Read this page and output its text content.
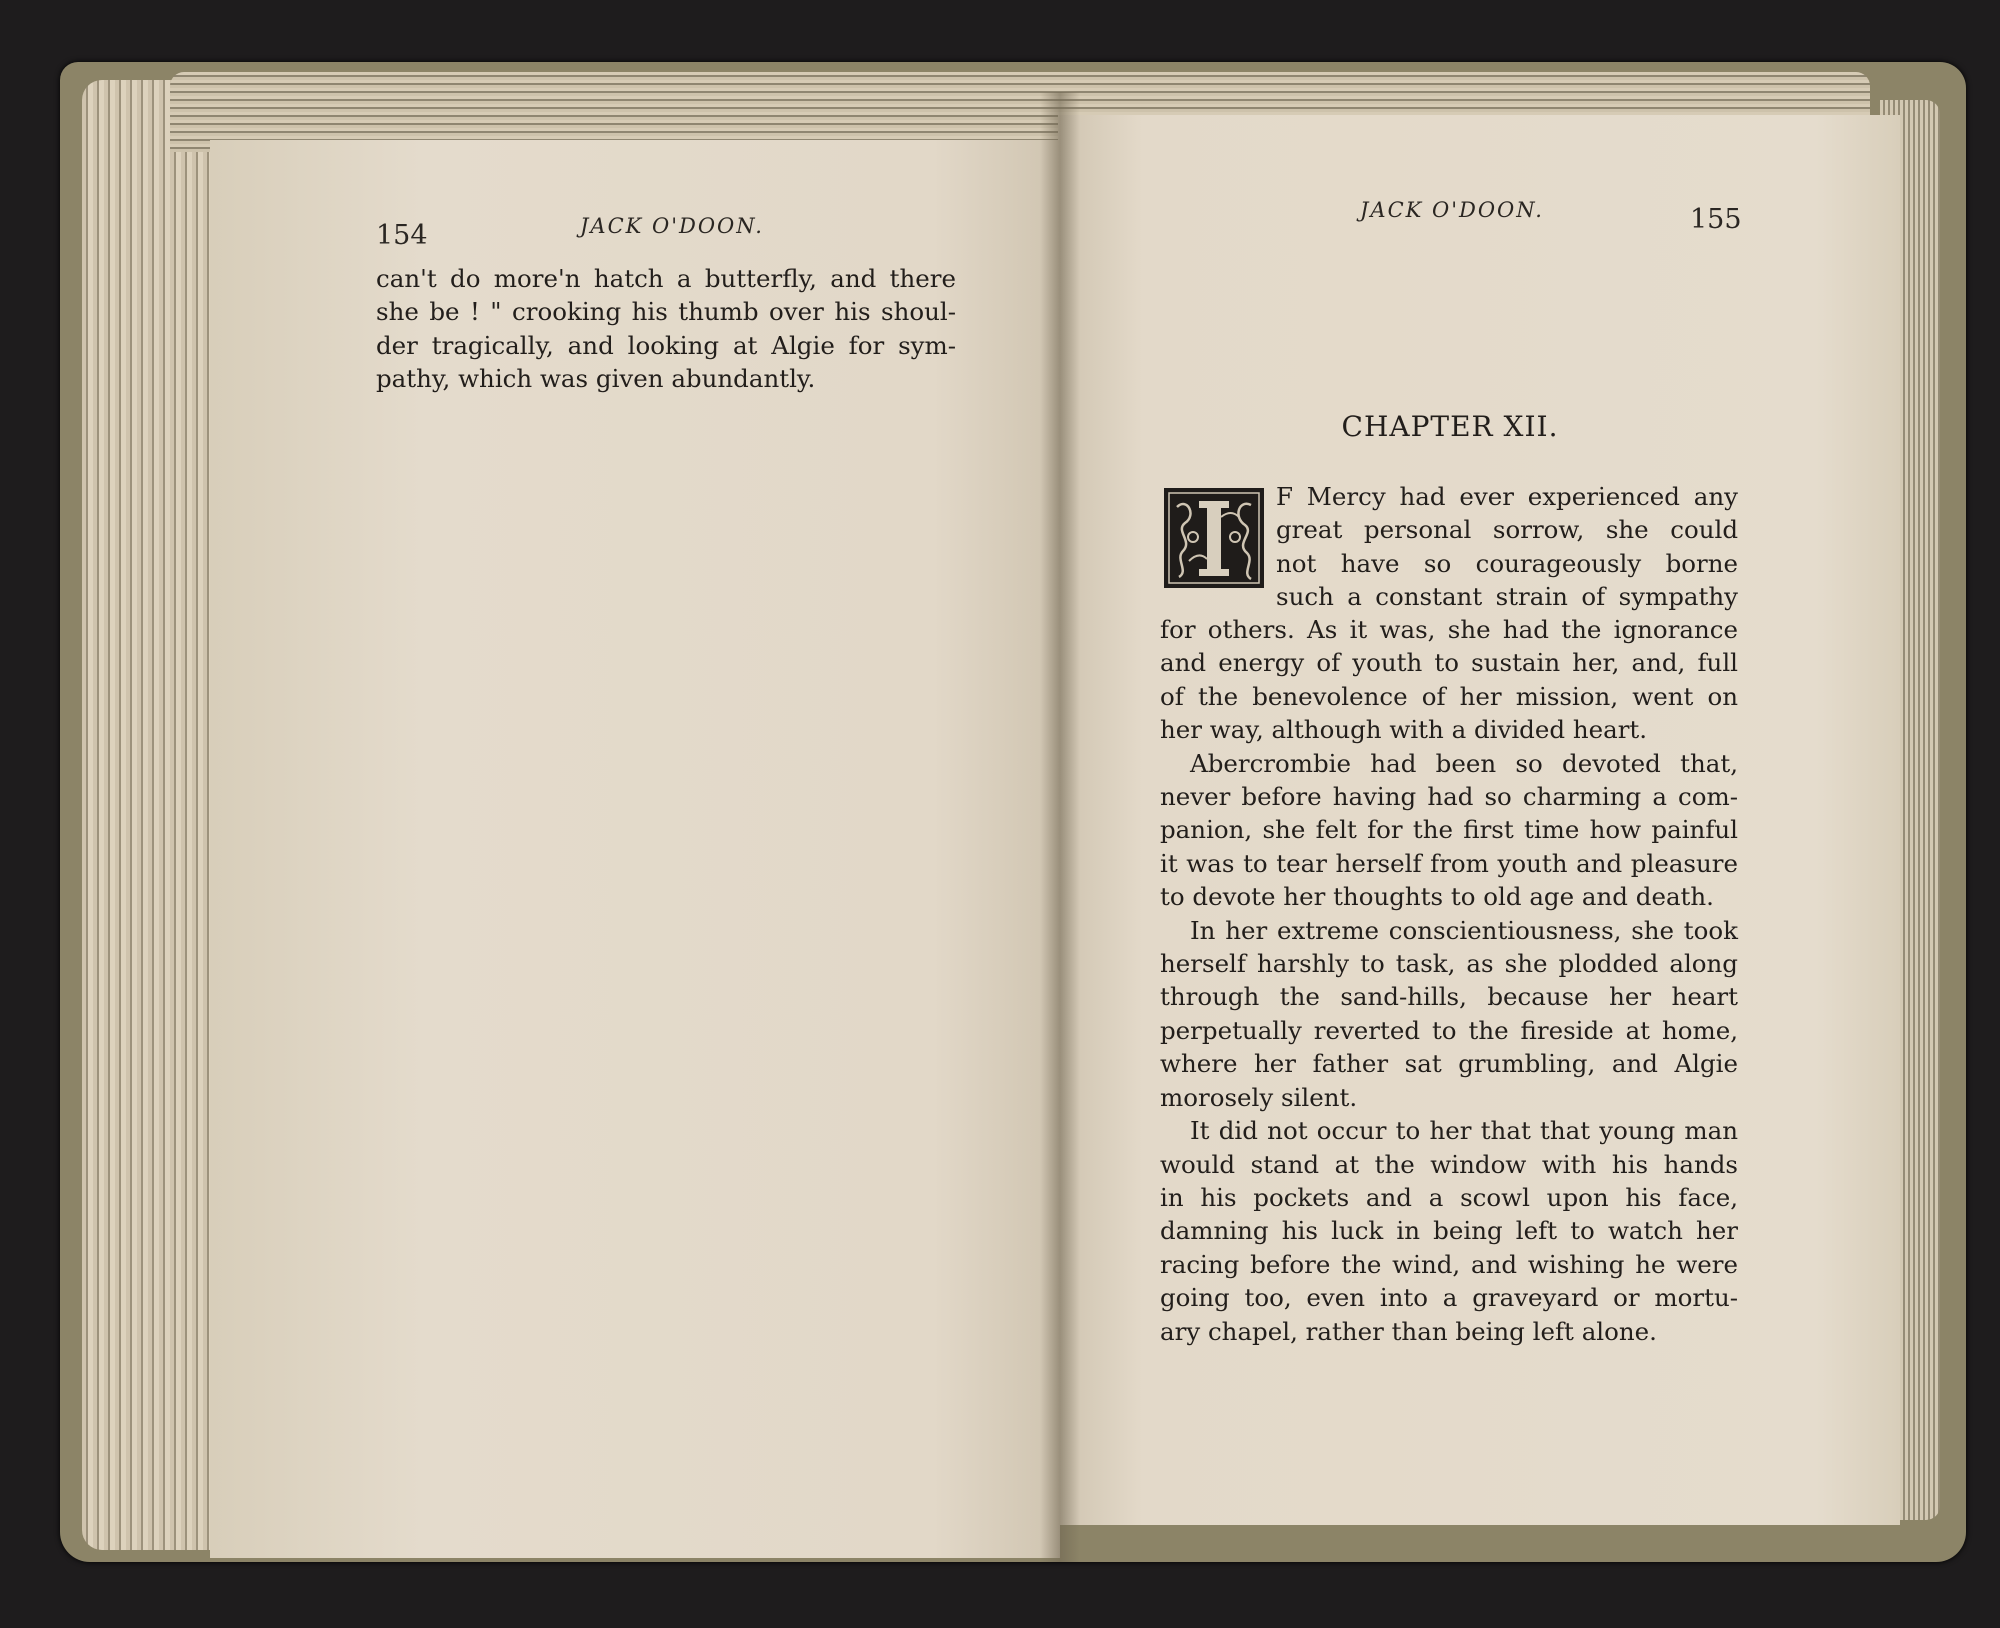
154	JACK O'DOON.
can't do more'n hatch a butterfly, and there
she be ! " crooking his thumb over his shoul-
der tragically, and looking at Algie for sym-
pathy, which was given abundantly.
JACK O'DOON.	155
CHAPTER XII.
F Mercy had ever experienced any
great personal sorrow, she could
not have so courageously borne
such a constant strain of sympathy
for others. As it was, she had the ignorance
and energy of youth to sustain her, and, full
of the benevolence of her mission, went on
her way, although with a divided heart.
Abercrombie had been so devoted that,
never before having had so charming a com-
panion, she felt for the first time how painful
it was to tear herself from youth and pleasure
to devote her thoughts to old age and death.
In her extreme conscientiousness, she took
herself harshly to task, as she plodded along
through the sand-hills, because her heart
perpetually reverted to the fireside at home,
where her father sat grumbling, and Algie
morosely silent.
It did not occur to her that that young man
would stand at the window with his hands
in his pockets and a scowl upon his face,
damning his luck in being left to watch her
racing before the wind, and wishing he were
going too, even into a graveyard or mortu-
ary chapel, rather than being left alone.
